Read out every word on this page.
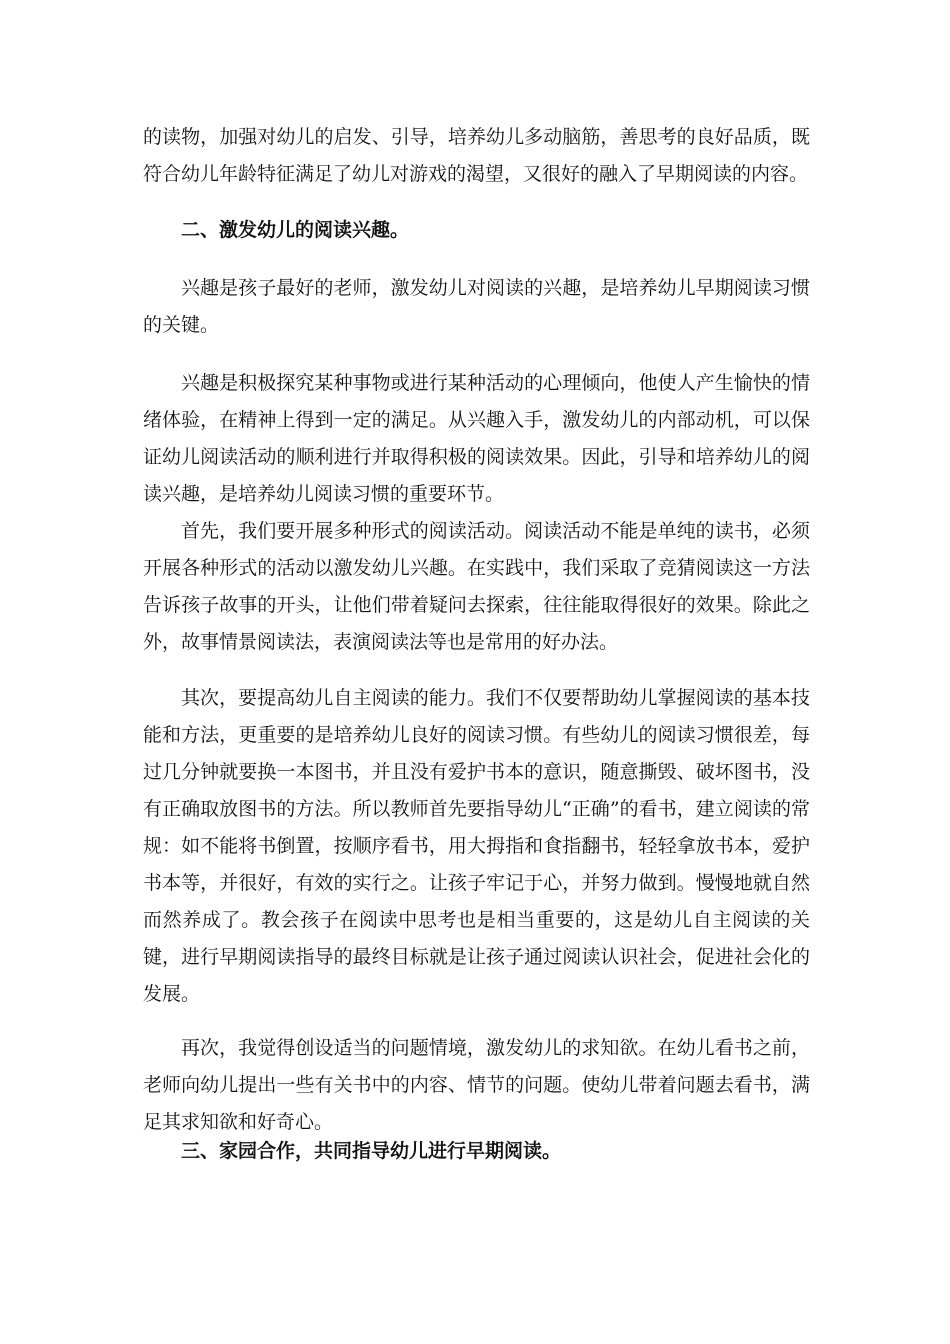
的读物，加强对幼儿的启发、引导，培养幼儿多动脑筋，善思考的良好品质，既符合幼儿年龄特征满足了幼儿对游戏的渴望，又很好的融入了早期阅读的内容。

二、激发幼儿的阅读兴趣。

兴趣是孩子最好的老师，激发幼儿对阅读的兴趣，是培养幼儿早期阅读习惯的关键。

兴趣是积极探究某种事物或进行某种活动的心理倾向，他使人产生愉快的情绪体验，在精神上得到一定的满足。从兴趣入手，激发幼儿的内部动机，可以保证幼儿阅读活动的顺利进行并取得积极的阅读效果。因此，引导和培养幼儿的阅读兴趣，是培养幼儿阅读习惯的重要环节。

首先，我们要开展多种形式的阅读活动。阅读活动不能是单纯的读书，必须开展各种形式的活动以激发幼儿兴趣。在实践中，我们采取了竞猜阅读这一方法告诉孩子故事的开头，让他们带着疑问去探索，往往能取得很好的效果。除此之外，故事情景阅读法，表演阅读法等也是常用的好办法。

其次，要提高幼儿自主阅读的能力。我们不仅要帮助幼儿掌握阅读的基本技能和方法，更重要的是培养幼儿良好的阅读习惯。有些幼儿的阅读习惯很差，每过几分钟就要换一本图书，并且没有爱护书本的意识，随意撕毁、破坏图书，没有正确取放图书的方法。所以教师首先要指导幼儿“正确”的看书，建立阅读的常规：如不能将书倒置，按顺序看书，用大拇指和食指翻书，轻轻拿放书本，爱护书本等，并很好，有效的实行之。让孩子牢记于心，并努力做到。慢慢地就自然而然养成了。教会孩子在阅读中思考也是相当重要的，这是幼儿自主阅读的关键，进行早期阅读指导的最终目标就是让孩子通过阅读认识社会，促进社会化的发展。

再次，我觉得创设适当的问题情境，激发幼儿的求知欲。在幼儿看书之前，老师向幼儿提出一些有关书中的内容、情节的问题。使幼儿带着问题去看书，满足其求知欲和好奇心。

三、家园合作，共同指导幼儿进行早期阅读。
